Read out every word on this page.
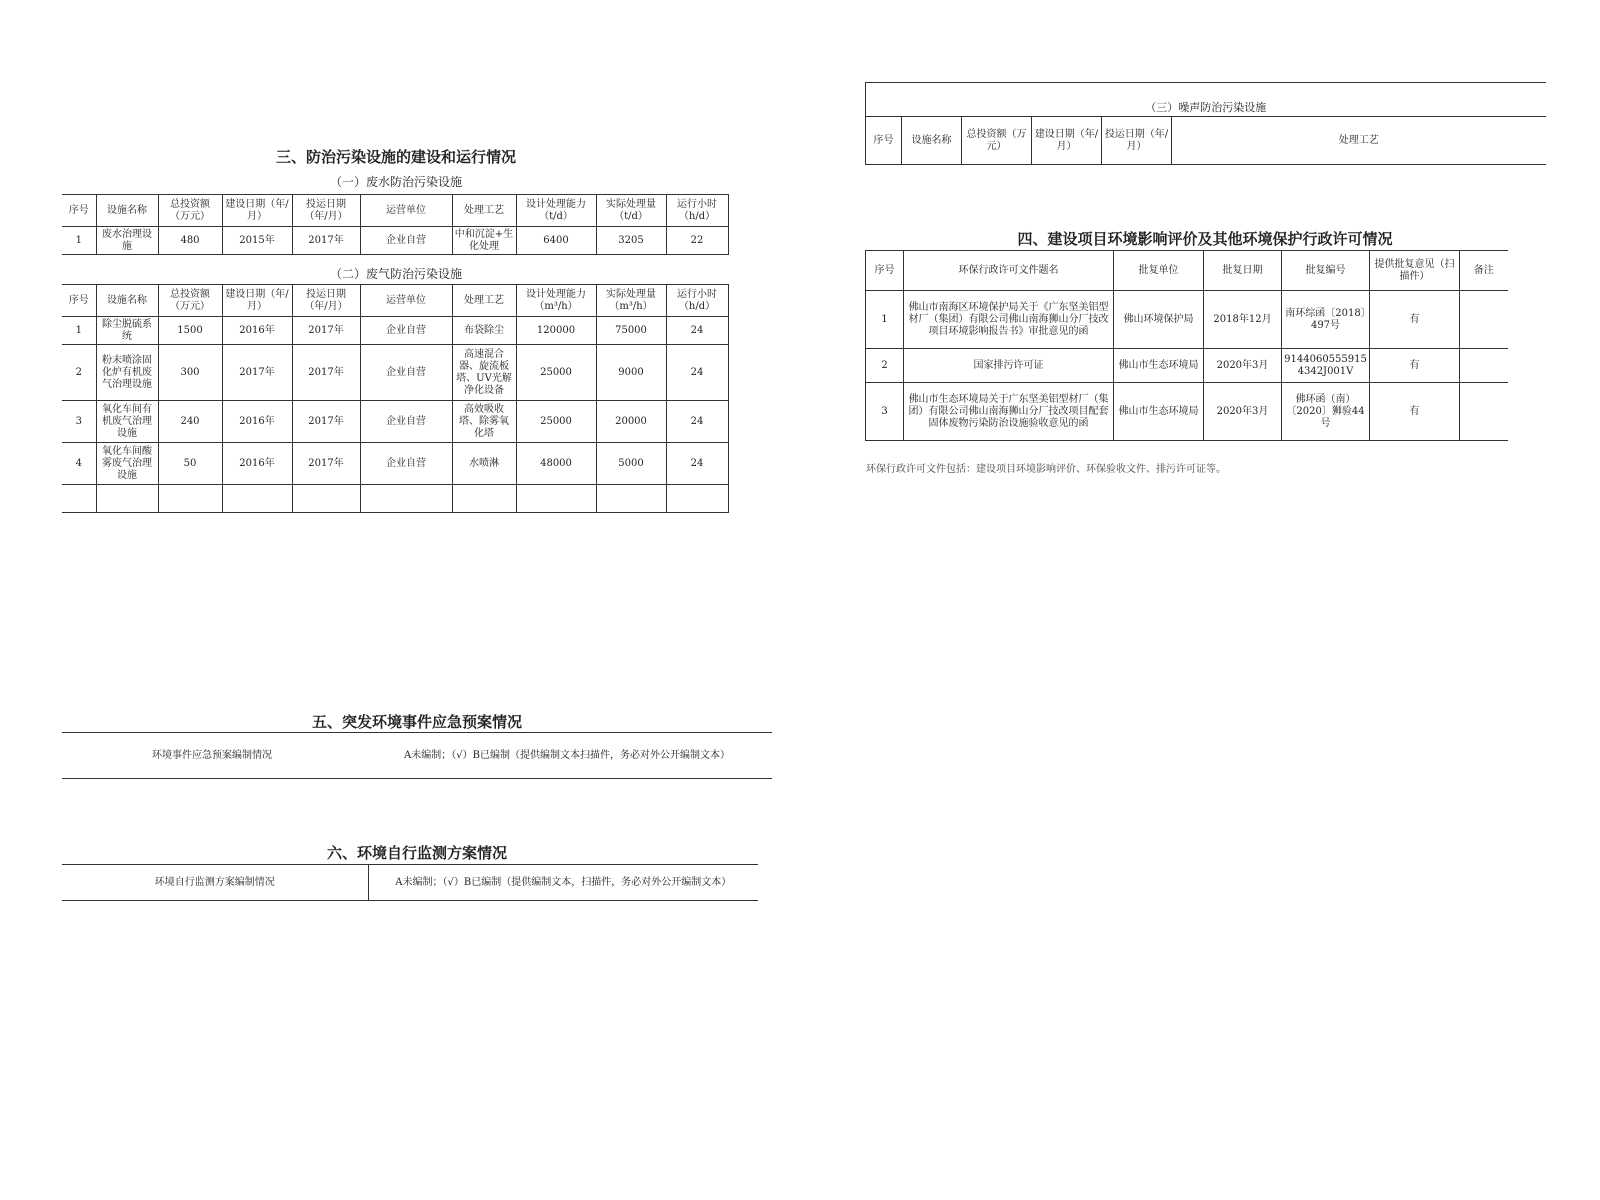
三、防治污染设施的建设和运行情况
（一）废水防治污染设施
序号	设施名称	总投资额（万元）	建设日期（年/月）	投运日期（年/月）	运营单位	处理工艺	设计处理能力（t/d）	实际处理量（t/d）	运行小时（h/d）
1	废水治理设施	480	2015年	2017年	企业自营	中和沉淀+生化处理	6400	3205	22
（二）废气防治污染设施
序号	设施名称	总投资额（万元）	建设日期（年/月）	投运日期（年/月）	运营单位	处理工艺	设计处理能力（m³/h）	实际处理量（m³/h）	运行小时（h/d）
1	除尘脱硫系统	1500	2016年	2017年	企业自营	布袋除尘	120000	75000	24
2	粉末喷涂固化炉有机废气治理设施	300	2017年	2017年	企业自营	高速混合器、旋流板塔、UV光解净化设备	25000	9000	24
3	氧化车间有机废气治理设施	240	2016年	2017年	企业自营	高效吸收塔、除雾氧化塔	25000	20000	24
4	氧化车间酸雾废气治理设施	50	2016年	2017年	企业自营	水喷淋	48000	5000	24

（三）噪声防治污染设施
序号	设施名称	总投资额（万元）	建设日期（年/月）	投运日期（年/月）	处理工艺
四、建设项目环境影响评价及其他环境保护行政许可情况
序号	环保行政许可文件题名	批复单位	批复日期	批复编号	提供批复意见（扫描件）	备注
1	佛山市南海区环境保护局关于《广东坚美铝型材厂（集团）有限公司佛山南海狮山分厂技改项目环境影响报告书》审批意见的函	佛山环境保护局	2018年12月	南环综函〔2018〕497号	有	
2	国家排污许可证	佛山市生态环境局	2020年3月	91440605559154342J001V	有	
3	佛山市生态环境局关于广东坚美铝型材厂（集团）有限公司佛山南海狮山分厂技改项目配套固体废物污染防治设施验收意见的函	佛山市生态环境局	2020年3月	佛环函（南）〔2020〕狮验44号	有	
环保行政许可文件包括：建设项目环境影响评价、环保验收文件、排污许可证等。
五、突发环境事件应急预案情况
环境事件应急预案编制情况	A未编制；（√）B已编制（提供编制文本扫描件，务必对外公开编制文本）
六、环境自行监测方案情况
环境自行监测方案编制情况	A未编制；（√）B已编制（提供编制文本，扫描件，务必对外公开编制文本）
